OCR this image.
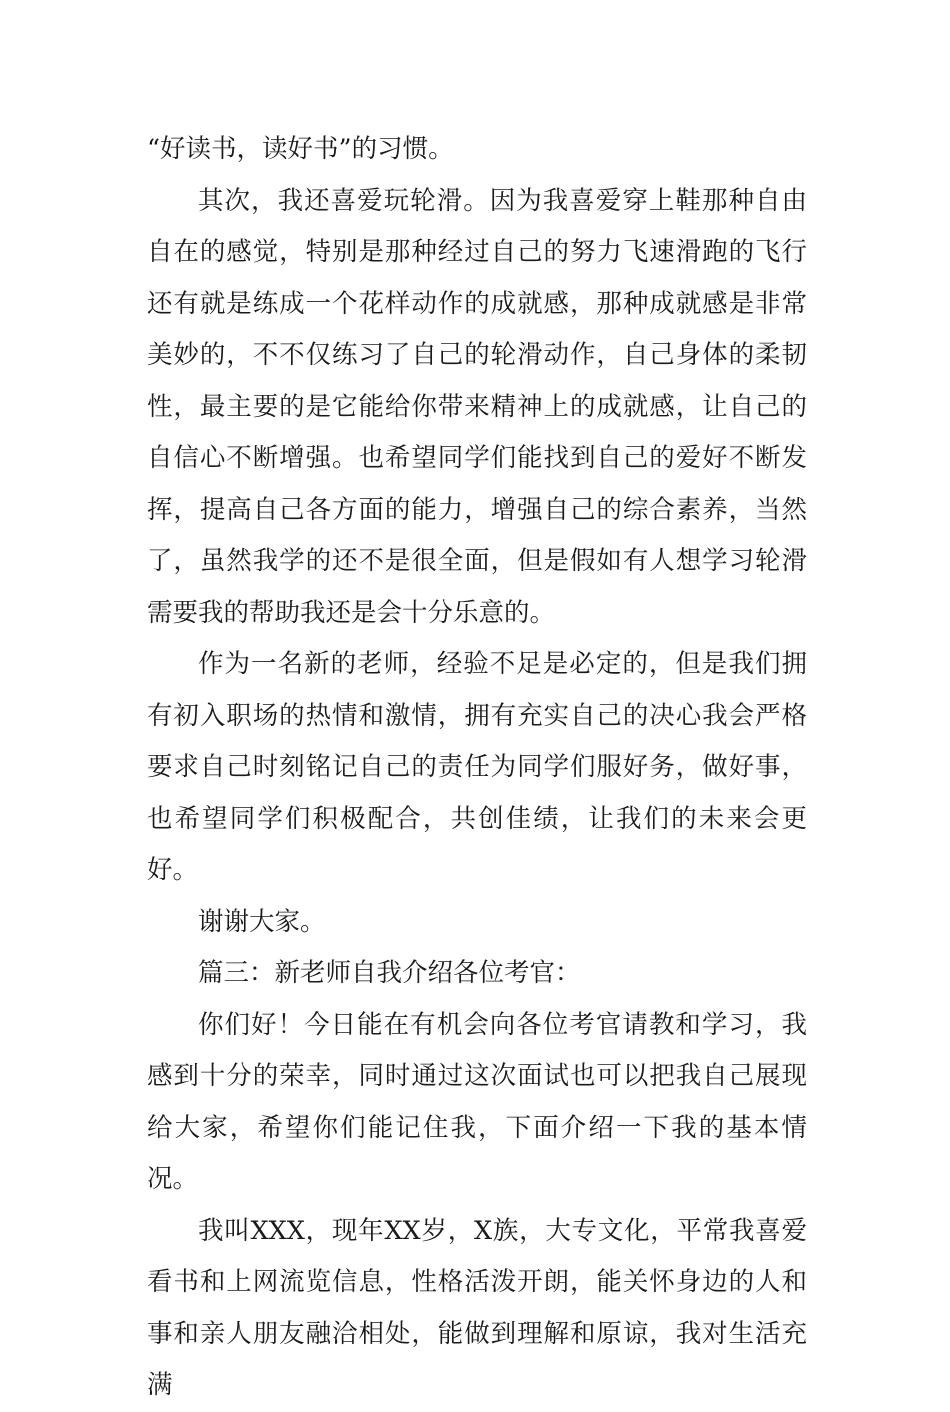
“好读书，读好书”的习惯。

其次，我还喜爱玩轮滑。因为我喜爱穿上鞋那种自由自在的感觉，特别是那种经过自己的努力飞速滑跑的飞行还有就是练成一个花样动作的成就感，那种成就感是非常美妙的，不不仅练习了自己的轮滑动作，自己身体的柔韧性，最主要的是它能给你带来精神上的成就感，让自己的自信心不断增强。也希望同学们能找到自己的爱好不断发挥，提高自己各方面的能力，增强自己的综合素养，当然了，虽然我学的还不是很全面，但是假如有人想学习轮滑需要我的帮助我还是会十分乐意的。

作为一名新的老师，经验不足是必定的，但是我们拥有初入职场的热情和激情，拥有充实自己的决心我会严格要求自己时刻铭记自己的责任为同学们服好务，做好事，也希望同学们积极配合，共创佳绩，让我们的未来会更好。

谢谢大家。

篇三：新老师自我介绍各位考官：

你们好！今日能在有机会向各位考官请教和学习，我感到十分的荣幸，同时通过这次面试也可以把我自己展现给大家，希望你们能记住我，下面介绍一下我的基本情况。

我叫XXX，现年XX岁，X族，大专文化，平常我喜爱看书和上网流览信息，性格活泼开朗，能关怀身边的人和事和亲人朋友融洽相处，能做到理解和原谅，我对生活充满
